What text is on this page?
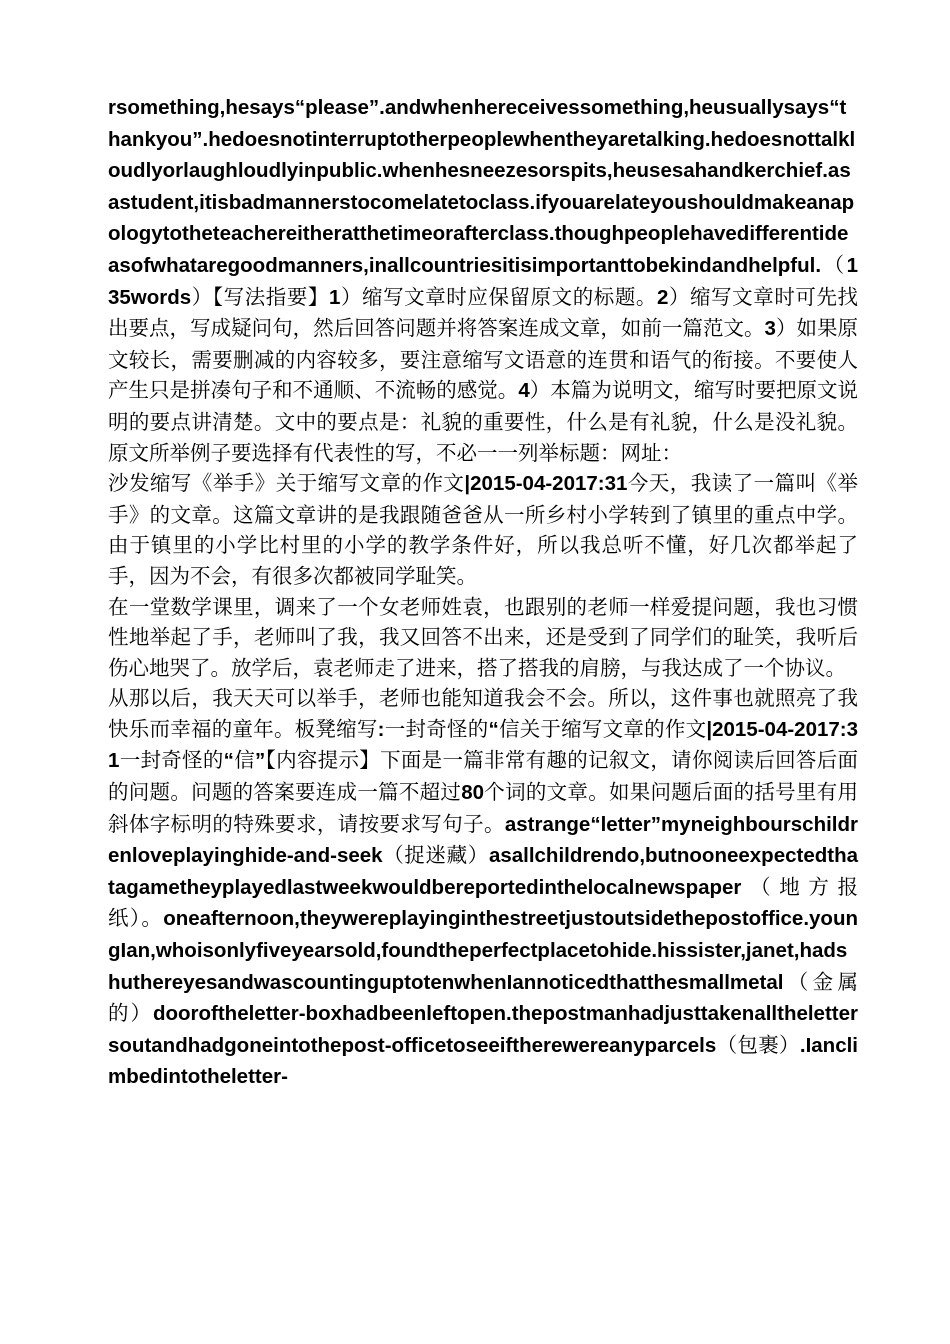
rsomething,hesays“please”.andwhenhereceivessomething,heusuallysays“thankyou”.hedoesnotinterruptotherpeoplewhentheyaretalking.hedoesnottalkloudlyorlaughloudlyinpublic.whenhesneezesorspits,heusesahandkerchief.asastudent,itisbadmannerstocomelatetoclass.ifyouarelateyoushouldmakeanapologytotheteachereitheratthetimeorafterclass.thoughpeoplehavedifferentideasofwhataregoodmanners,inallcountriesitisimportanttobekindandhelpful.（135words）【写法指要】1）缩写文章时应保留原文的标题。2）缩写文章时可先找出要点，写成疑问句，然后回答问题并将答案连成文章，如前一篇范文。3）如果原文较长，需要删减的内容较多，要注意缩写文语意的连贯和语气的衔接。不要使人产生只是拼凑句子和不通顺、不流畅的感觉。4）本篇为说明文，缩写时要把原文说明的要点讲清楚。文中的要点是：礼貌的重要性，什么是有礼貌，什么是没礼貌。原文所举例子要选择有代表性的写，不必一一列举标题：网址：

沙发缩写《举手》关于缩写文章的作文|2015-04-2017:31今天，我读了一篇叫《举手》的文章。这篇文章讲的是我跟随爸爸从一所乡村小学转到了镇里的重点中学。由于镇里的小学比村里的小学的教学条件好，所以我总听不懂，好几次都举起了手，因为不会，有很多次都被同学耻笑。

在一堂数学课里，调来了一个女老师姓袁，也跟别的老师一样爱提问题，我也习惯性地举起了手，老师叫了我，我又回答不出来，还是受到了同学们的耻笑，我听后伤心地哭了。放学后，袁老师走了进来，搭了搭我的肩膀，与我达成了一个协议。

从那以后，我天天可以举手，老师也能知道我会不会。所以，这件事也就照亮了我快乐而幸福的童年。板凳缩写:一封奇怪的“信关于缩写文章的作文|2015-04-2017:31一封奇怪的“信”【内容提示】下面是一篇非常有趣的记叙文，请你阅读后回答后面的问题。问题的答案要连成一篇不超过80个词的文章。如果问题后面的括号里有用斜体字标明的特殊要求，请按要求写句子。astrange“letter”myneighbourschildrenloveplayinghide-and-seek（捉迷藏）asallchildrendo,butnooneexpectedthatagametheyplayedlastweekwouldbereportedinthelocalnewspaper（地方报纸）。oneafternoon,theywereplayinginthestreetjustoutsidethepostoffice.youngIan,whoisonlyfiveyearsold,foundtheperfectplacetohide.hissister,janet,hadshuthereyesandwascountinguptotenwhenIannoticedthatthesmallmetal（金属的）dooroftheletter-boxhadbeenleftopen.thepostmanhadjusttakenallthelettersoutandhadgoneintothepost-officetoseeiftherewereanyparcels（包裹）.Ianclimbedintotheletter-
